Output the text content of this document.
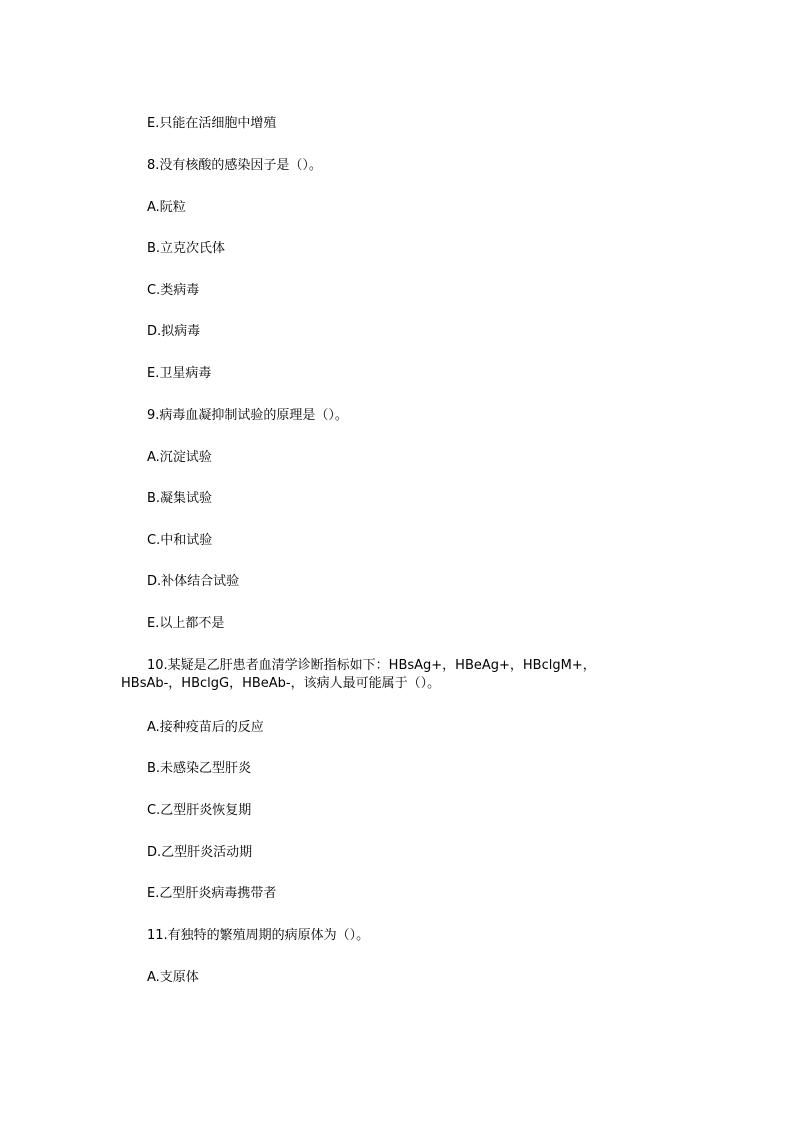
E.只能在活细胞中增殖
8.没有核酸的感染因子是（）。
A.阮粒
B.立克次氏体
C.类病毒
D.拟病毒
E.卫星病毒
9.病毒血凝抑制试验的原理是（）。
A.沉淀试验
B.凝集试验
C.中和试验
D.补体结合试验
E.以上都不是
10.某疑是乙肝患者血清学诊断指标如下：HBsAg+，HBeAg+，HBclgM+，HBsAb-，HBclgG，HBeAb-，该病人最可能属于（）。
A.接种疫苗后的反应
B.未感染乙型肝炎
C.乙型肝炎恢复期
D.乙型肝炎活动期
E.乙型肝炎病毒携带者
11.有独特的繁殖周期的病原体为（）。
A.支原体
